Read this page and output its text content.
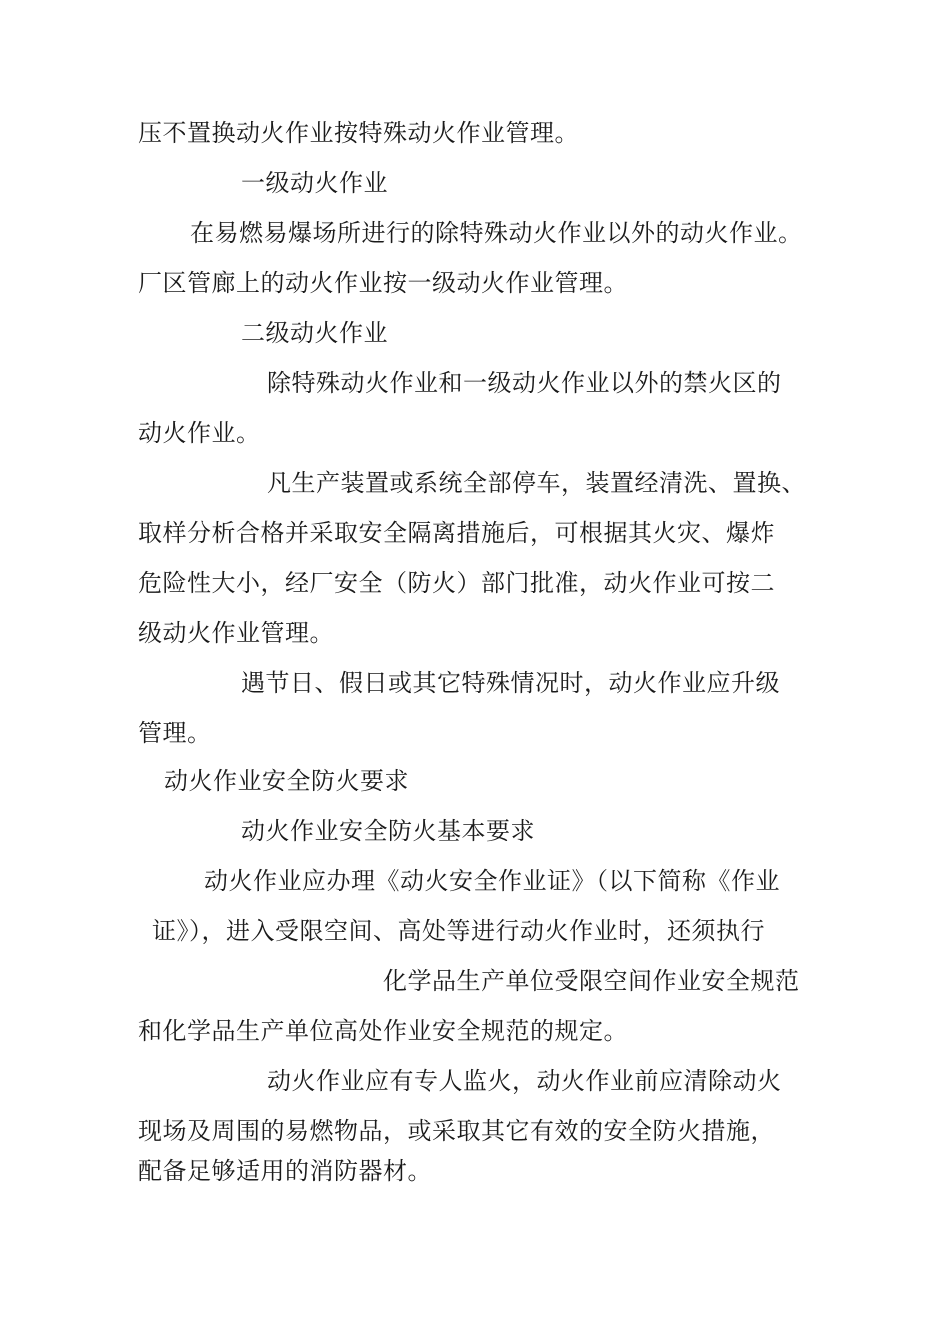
压不置换动火作业按特殊动火作业管理。
一级动火作业
在易燃易爆场所进行的除特殊动火作业以外的动火作业。
厂区管廊上的动火作业按一级动火作业管理。
二级动火作业
除特殊动火作业和一级动火作业以外的禁火区的
动火作业。
凡生产装置或系统全部停车，装置经清洗、置换、
取样分析合格并采取安全隔离措施后，可根据其火灾、爆炸
危险性大小，经厂安全（防火）部门批准，动火作业可按二
级动火作业管理。
遇节日、假日或其它特殊情况时，动火作业应升级
管理。
动火作业安全防火要求
动火作业安全防火基本要求
动火作业应办理《动火安全作业证》（以下简称《作业
证》），进入受限空间、高处等进行动火作业时，还须执行
化学品生产单位受限空间作业安全规范
和化学品生产单位高处作业安全规范的规定。
动火作业应有专人监火，动火作业前应清除动火
现场及周围的易燃物品，或采取其它有效的安全防火措施，
配备足够适用的消防器材。
